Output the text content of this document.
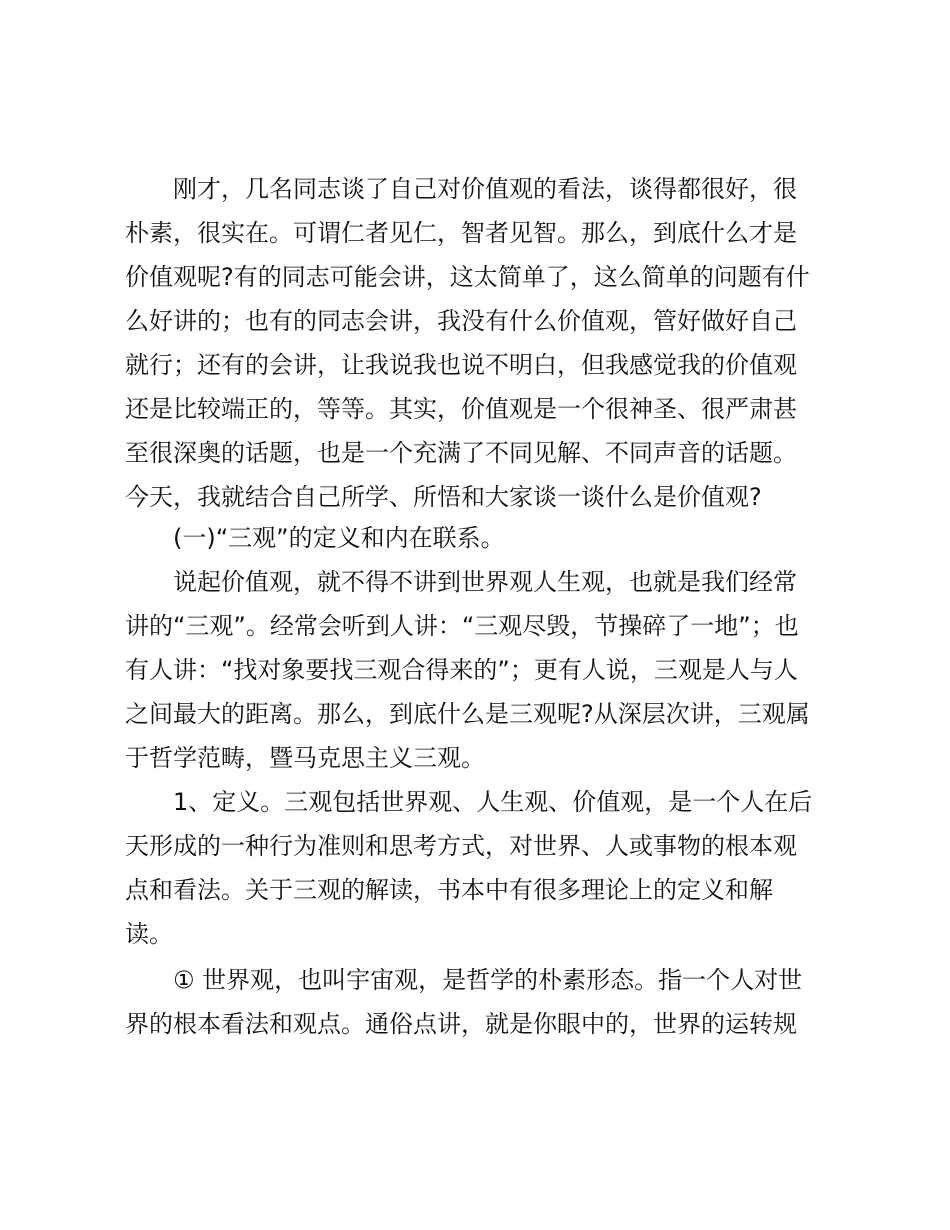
刚才，几名同志谈了自己对价值观的看法，谈得都很好，很
朴素，很实在。可谓仁者见仁，智者见智。那么，到底什么才是
价值观呢?有的同志可能会讲，这太简单了，这么简单的问题有什
么好讲的；也有的同志会讲，我没有什么价值观，管好做好自己
就行；还有的会讲，让我说我也说不明白，但我感觉我的价值观
还是比较端正的，等等。其实，价值观是一个很神圣、很严肃甚
至很深奥的话题，也是一个充满了不同见解、不同声音的话题。
今天，我就结合自己所学、所悟和大家谈一谈什么是价值观?
(一)“三观”的定义和内在联系。
说起价值观，就不得不讲到世界观人生观，也就是我们经常
讲的“三观”。经常会听到人讲：“三观尽毁，节操碎了一地”；也
有人讲：“找对象要找三观合得来的”；更有人说，三观是人与人
之间最大的距离。那么，到底什么是三观呢?从深层次讲，三观属
于哲学范畴，暨马克思主义三观。
1、定义。三观包括世界观、人生观、价值观，是一个人在后
天形成的一种行为准则和思考方式，对世界、人或事物的根本观
点和看法。关于三观的解读，书本中有很多理论上的定义和解
读。
① 世界观，也叫宇宙观，是哲学的朴素形态。指一个人对世
界的根本看法和观点。通俗点讲，就是你眼中的，世界的运转规
